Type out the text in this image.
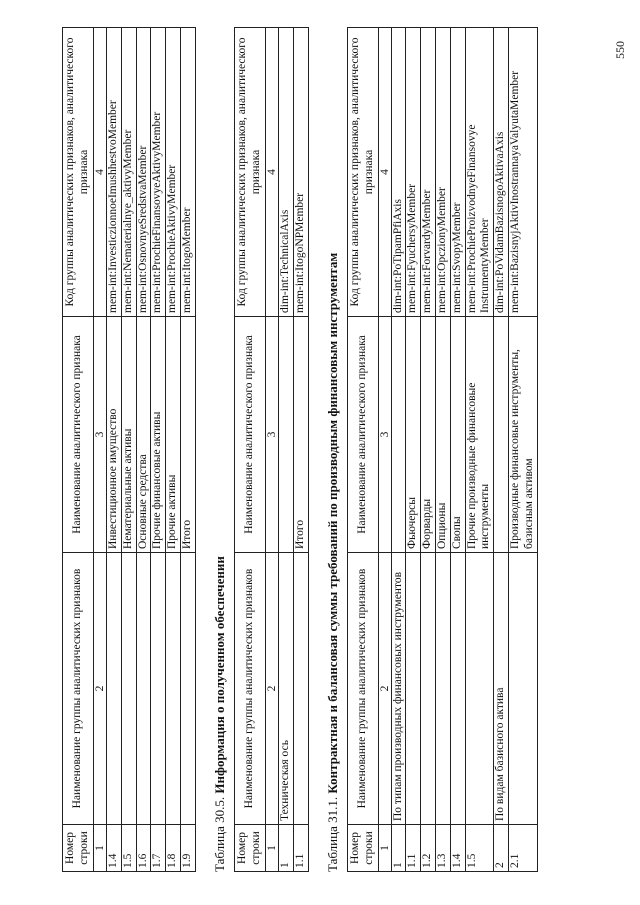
Номер строки	Наименование группы аналитических признаков	Наименование аналитического признака	Код группы аналитических признаков, аналитического признака
1	2	3	4
1.4		Инвестиционное имущество	mem-int:InvesticzionnoeImushhestvoMember
1.5		Нематериальные активы	mem-int:Nematerialnye_aktivyMember
1.6		Основные средства	mem-int:OsnovnyeSredstvaMember
1.7		Прочие финансовые активы	mem-int:ProchieFinansovyeAktivyMember
1.8		Прочие активы	mem-int:ProchieAktivyMember
1.9		Итого	mem-int:ItogoMember
Таблица 30.5. Информация о полученном обеспечении
Номер строки	Наименование группы аналитических признаков	Наименование аналитического признака	Код группы аналитических признаков, аналитического признака
1	2	3	4
1	Техническая ось		dim-int:TechnicalAxis
1.1		Итого	mem-int:ItogoNPMember
Таблица 31.1. Контрактная и балансовая суммы требований по производным финансовым инструментам
Номер строки	Наименование группы аналитических признаков	Наименование аналитического признака	Код группы аналитических признаков, аналитического признака
1	2	3	4
1	По типам производных финансовых инструментов		dim-int:PoTipamPfiAxis
1.1		Фьючерсы	mem-int:FyuchersyMember
1.2		Форварды	mem-int:ForvardyMember
1.3		Опционы	mem-int:OpczionyMember
1.4		Свопы	mem-int:SvopyMember
1.5		Прочие производные финансовые инструменты	mem-int:ProchieProizvodnyeFinansovye InstrumentyMember
2	По видам базисного актива		dim-int:PoVidamBazisnogoAktivaAxis
2.1		Производные финансовые инструменты, базисным активом	mem-int:BazisnyjAktivInostrannayaValyutaMember
550
